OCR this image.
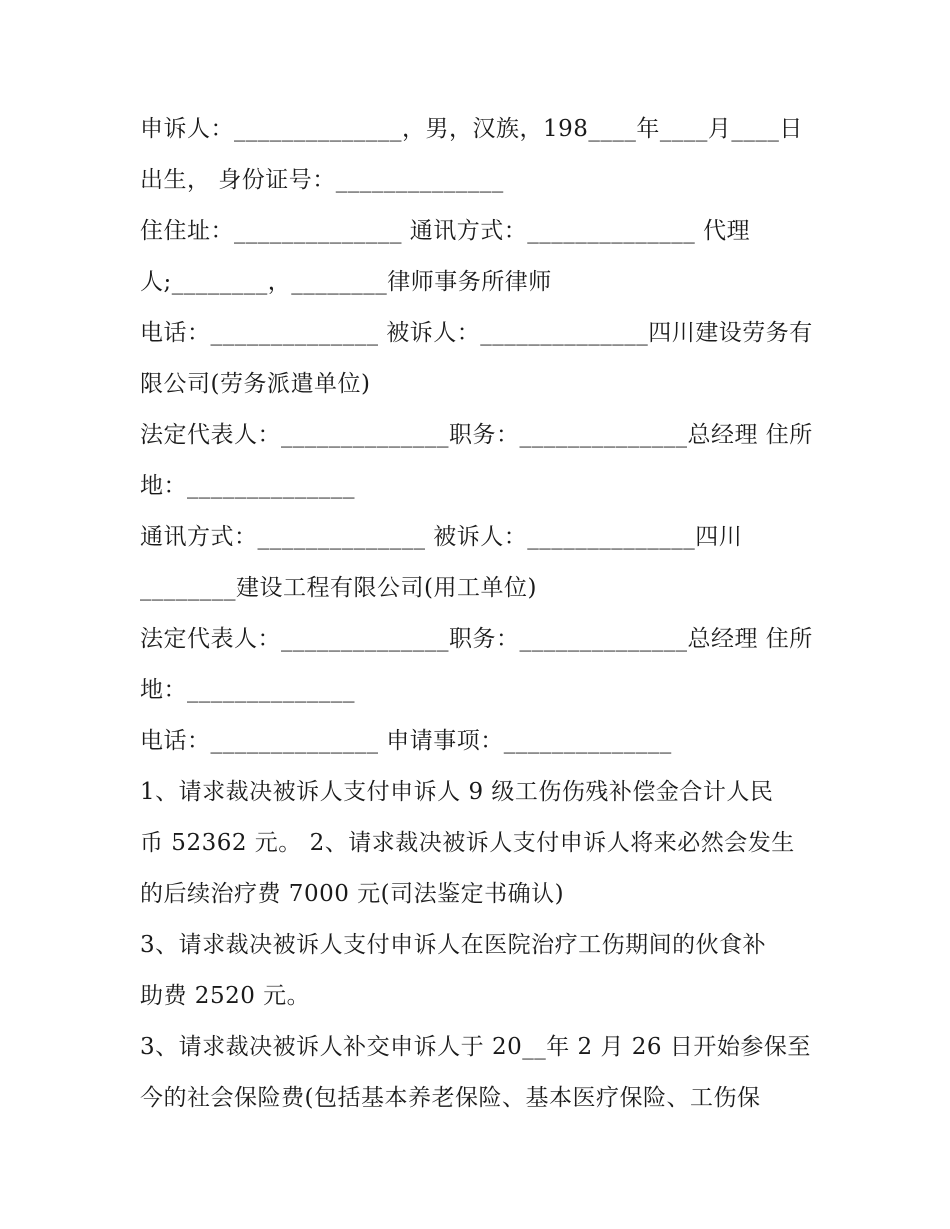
申诉人：______________，男，汉族，198____年____月____日
出生， 身份证号：______________
住住址：______________ 通讯方式：______________ 代理
人;________，________律师事务所律师
电话：______________ 被诉人：______________四川建设劳务有
限公司(劳务派遣单位)
法定代表人：______________职务：______________总经理 住所
地：______________
通讯方式：______________ 被诉人：______________四川
________建设工程有限公司(用工单位)
法定代表人：______________职务：______________总经理 住所
地：______________
电话：______________ 申请事项：______________
1、请求裁决被诉人支付申诉人 9 级工伤伤残补偿金合计人民
币 52362 元。 2、请求裁决被诉人支付申诉人将来必然会发生
的后续治疗费 7000 元(司法鉴定书确认)
3、请求裁决被诉人支付申诉人在医院治疗工伤期间的伙食补
助费 2520 元。
3、请求裁决被诉人补交申诉人于 20__年 2 月 26 日开始参保至
今的社会保险费(包括基本养老保险、基本医疗保险、工伤保
